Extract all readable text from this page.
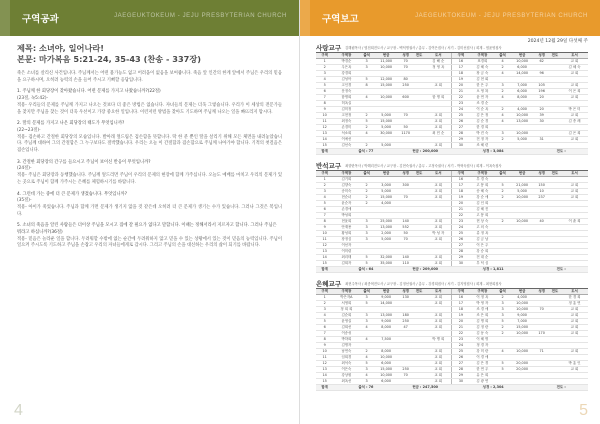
구역공과	JAEGEUKTOKEUM - JEJU PRESBYTERIAN CHURCH
제목: 소녀야, 일어나라!
본문: 마가복음 5:21-24, 35-43 (찬송 - 337장)
죽은 소녀를 살리신 사건입니다. 주님께서는 어떤 불가능도 없고 어려움이 없음을 보여줍니다. 죽음 앞 인간의 한계 앞에서 주님은 우리의 믿음을 요구하시며, 오히려 능력의 손을 들어 주시고 기뻐할 응답입니다.
1. 주님께 한 회당장이 찾아왔습니다. 어떤 문제를 가지고 나왔습니까?(22절)
(23절, 녹5:42)-
적용- 우리들의 문제를 주님께 가지고 나오는 것보다 더 좋은 방법은 없습니다. 자녀들의 문제는 더욱 그렇습니다. 우리가 이 세상의 전문가들을 찾지만 주님을 찾는 것이 더욱 우선이고 가장 중요한 일입니다. 이런저런 방법을 찾아도 기도하며 주님께 나오는 일을 빠뜨리지 맙시다.
2. 딸의 문제를 가지고 나온 회당장의 태도가 무엇입니까?
(22~23절)-
적용- 겸손하고 간절한 회당장의 모습입니다. 발아래 엎드림은 겸손함을 뜻합니다. 딱 한 분 뿐인 딸을 살리기 위해 모든 체면을 내려놓았습니다. 주님께 대하여 그의 간절함은 그 누구보다도 절박했습니다. 우리는 오늘 이 간절함과 겸손함으로 주님께 나아가야 합니다. 기적의 첫걸음은 겸손입니다.
3. 간절한 회당장의 간구를 들으시고 주님이 보이신 반응이 무엇입니까?
(24절)-
적용- 주님은 회당장과 동행했습니다. 주님께 엎드리면 주님이 우리의 문제의 현장에 함께 가주십니다. 오늘도 예배를 마치고 우리의 문제가 있는 곳으로 주님이 함께 가주시는 은혜를 체험하시기를 바랍니다.
4. 그런데 가는 중에 더 큰 문제가 생겼습니다. 무엇입니까?
(35절)-
적용- 아이가 죽었습니다. 주님과 함께 가면 문제가 생기지 않을 것 같은데 오히려 더 큰 문제가 생기는 수가 있습니다. 그러나 그것은 복입니다.
5. 소녀의 죽음을 알린 사람들은 더이상 주님을 모시고 집에 갈 필요가 없다고 말합니다. 이때는 정해서라서 지르자고 합니다. 그러나 주님은 뭐라고 하십니까?(36절)
적용- 믿음은 놀라운 일을 합니다. 두려워할 수밖에 없는 순간에 두려워하지 않고 믿을 수 있는 상황에서 있는 것이 믿음의 능력입니다. 주님이 일으켜 주시도록 기도하고 주님을 손잡고 우리의 자녀들에게로 갑시다. 그리고 주님의 손을 대신하는 우리의 삶이 되기를 바랍니다.
4
구역보고	JAEGEUKTOKEUM - JEJU PRESBYTERIAN CHURCH
2024년 12월 29일 다섯째 주
사랑교구 김해림목사 / 염천희전도사 / 교구장 - 백덕명권사 / 총무 - 김여은집사 / 서기 - 김미선집사 / 회계 - 염윤영집사
구역	구역장	출석	헌금	성경	전도	도서	구역	구역장	출석	헌금	성경	전도	도서
1	박경순	3	11,000	70		김 해 순	16	표경희	4	10,000	62		교 회
2	우은옥	3	10,000	70		정 영 옥	17	김 혜 숙	2	6,000			김 혜 숙
3	강경희						18	장 금 숙	4	14,000	96		교 회
4	김성아	5	12,000	80			19	김 현 회					
5	고인경	8	15,000	250		교 회	20	한 은 주	3	7,000	105		교 회
6	문정숙						21	오 영 복	2	6,000	196		이 은 희
7	함명희	4	10,000	600		함 명 희	22	윤 연 자	4	8,000	20		교 회
8	허옥실						23	조 경 순					
9	김미정						24	이 순 옥	2	4,000	20		박 은 미
10	고현정	2	5,000	70		교 회	25	김 은 정	4	10,000	39		교 회
11	최정숙	5	15,000			교 회	26	김 순 경	4	13,000	30		김 종 례
12	손경미	2	5,000	50		교 회	27	한 경 희					
13	석소희	4	30,000	1170		최 민 순	28	박 진 숙	3	10,000			김 은 희
14	이애선						29	전 정 자	2	5,000	31		교 회
15	김선숙	2	5,000			교 회	30	조 혜 련					
합계	출석 : 77			헌금 : 200,000			성경 : 3,084				전도 :		
반석교구 최향란목사 / 박해리전도사 / 교구장 - 김현숙권사 / 총무 - 고정숙권사 / 서기 - 박혁숙집사 / 회계 - 이옥숙집사
구역	구역장	출석	헌금	성경	전도	도서	구역	구역장	출석	헌금	성경	전도	도서
1	김기희						16	부 경 숙					
2	김향숙	2	3,000	300		교 회	17	고 봉 희	5	21,000	150		교 회
3	송미숙	2	5,000			교 회	18	송 혜 숙	2	5,000	10		교 회
4	현순녀	2	15,000	70		교 회	19	강 순 애	2	10,000	237		교 회
5	윤순자	2	4,000				20	김 인 희					
6	손경애						21	김 혜 진					
7	박성희						22	고 봉 희					
8	현윤희	3	25,000	140		교 회	23	현 상 숙	2	10,000	40		이 춘 희
9	안재용	3	13,000	552		교 회	24	고 의 숙					
10	황성희	3	2,000	50		박 성 자	25	류 정 옥					
11	장정심	3	5,000	70		교 회	26	김 금 남					
12	이선자						27	이 은 주					
13	이미령						28	강 승 희					
14	최리태	5	32,000	140		교 회	29	전 대 순					
15	김희자	5	35,000	110		교 회	30	부 덕 심					
합계	출석 : 64			헌금 : 209,000			성경 : 1,811				전도 :		
은혜교구 최현주목사 / 최종혁전도사 / 교구장 - 김정선권사 / 총무 - 강경희집사 / 서기 - 김지영집사 / 회계 - 최현희집사
구역	구역장	출석	헌금	성경	전도	도서	구역	구역장	출석	헌금	성경	전도	도서
1	박은자A	3	9,000	130		교 회	16	이 정 옥	2	4,000			한 경 희
2	서영희	5	14,000			교 회	17	박 영 자	3	10,000			정 흥 연
3	정 희 희						18	조 경 애	3	10,000	70		교 회
4	김순희	3	13,000	180		교 회	19	조 은 희	3	9,000			교 회
5	윤영실	3	9,000	250		교 회	20	김 명 희	5	7,000			교 회
6	김희선	4	8,000	47		교 회	21	김 정 란	2	15,000			교 회
7	이송성						22	김 동 숙	2	10,000	170		교 회
8	박하희	4	7,500			박 병 희	23	이 혜 명					
9	김명자						24	정 경 자					
10	남연숙	2	8,000			교 회	25	강 미 란	4	10,000	71		교 회
11	임희경	4	10,000			교 회	26	이 경 애					
12	최석숙	5	6,000			교 회	27	김 은 경	5	20,000			박 흥 인
13	이은숙	3	15,000	250		교 회	28	한 연 우	5	20,000			교 회
14	강상원	4	10,000	70		교 회	29	유 은 희					
15	최옥선	3	6,000			교 회	30	김 광 연					
합계	출석 : 76			헌금 : 247,500			성경 : 2,304				전도 :		
5
